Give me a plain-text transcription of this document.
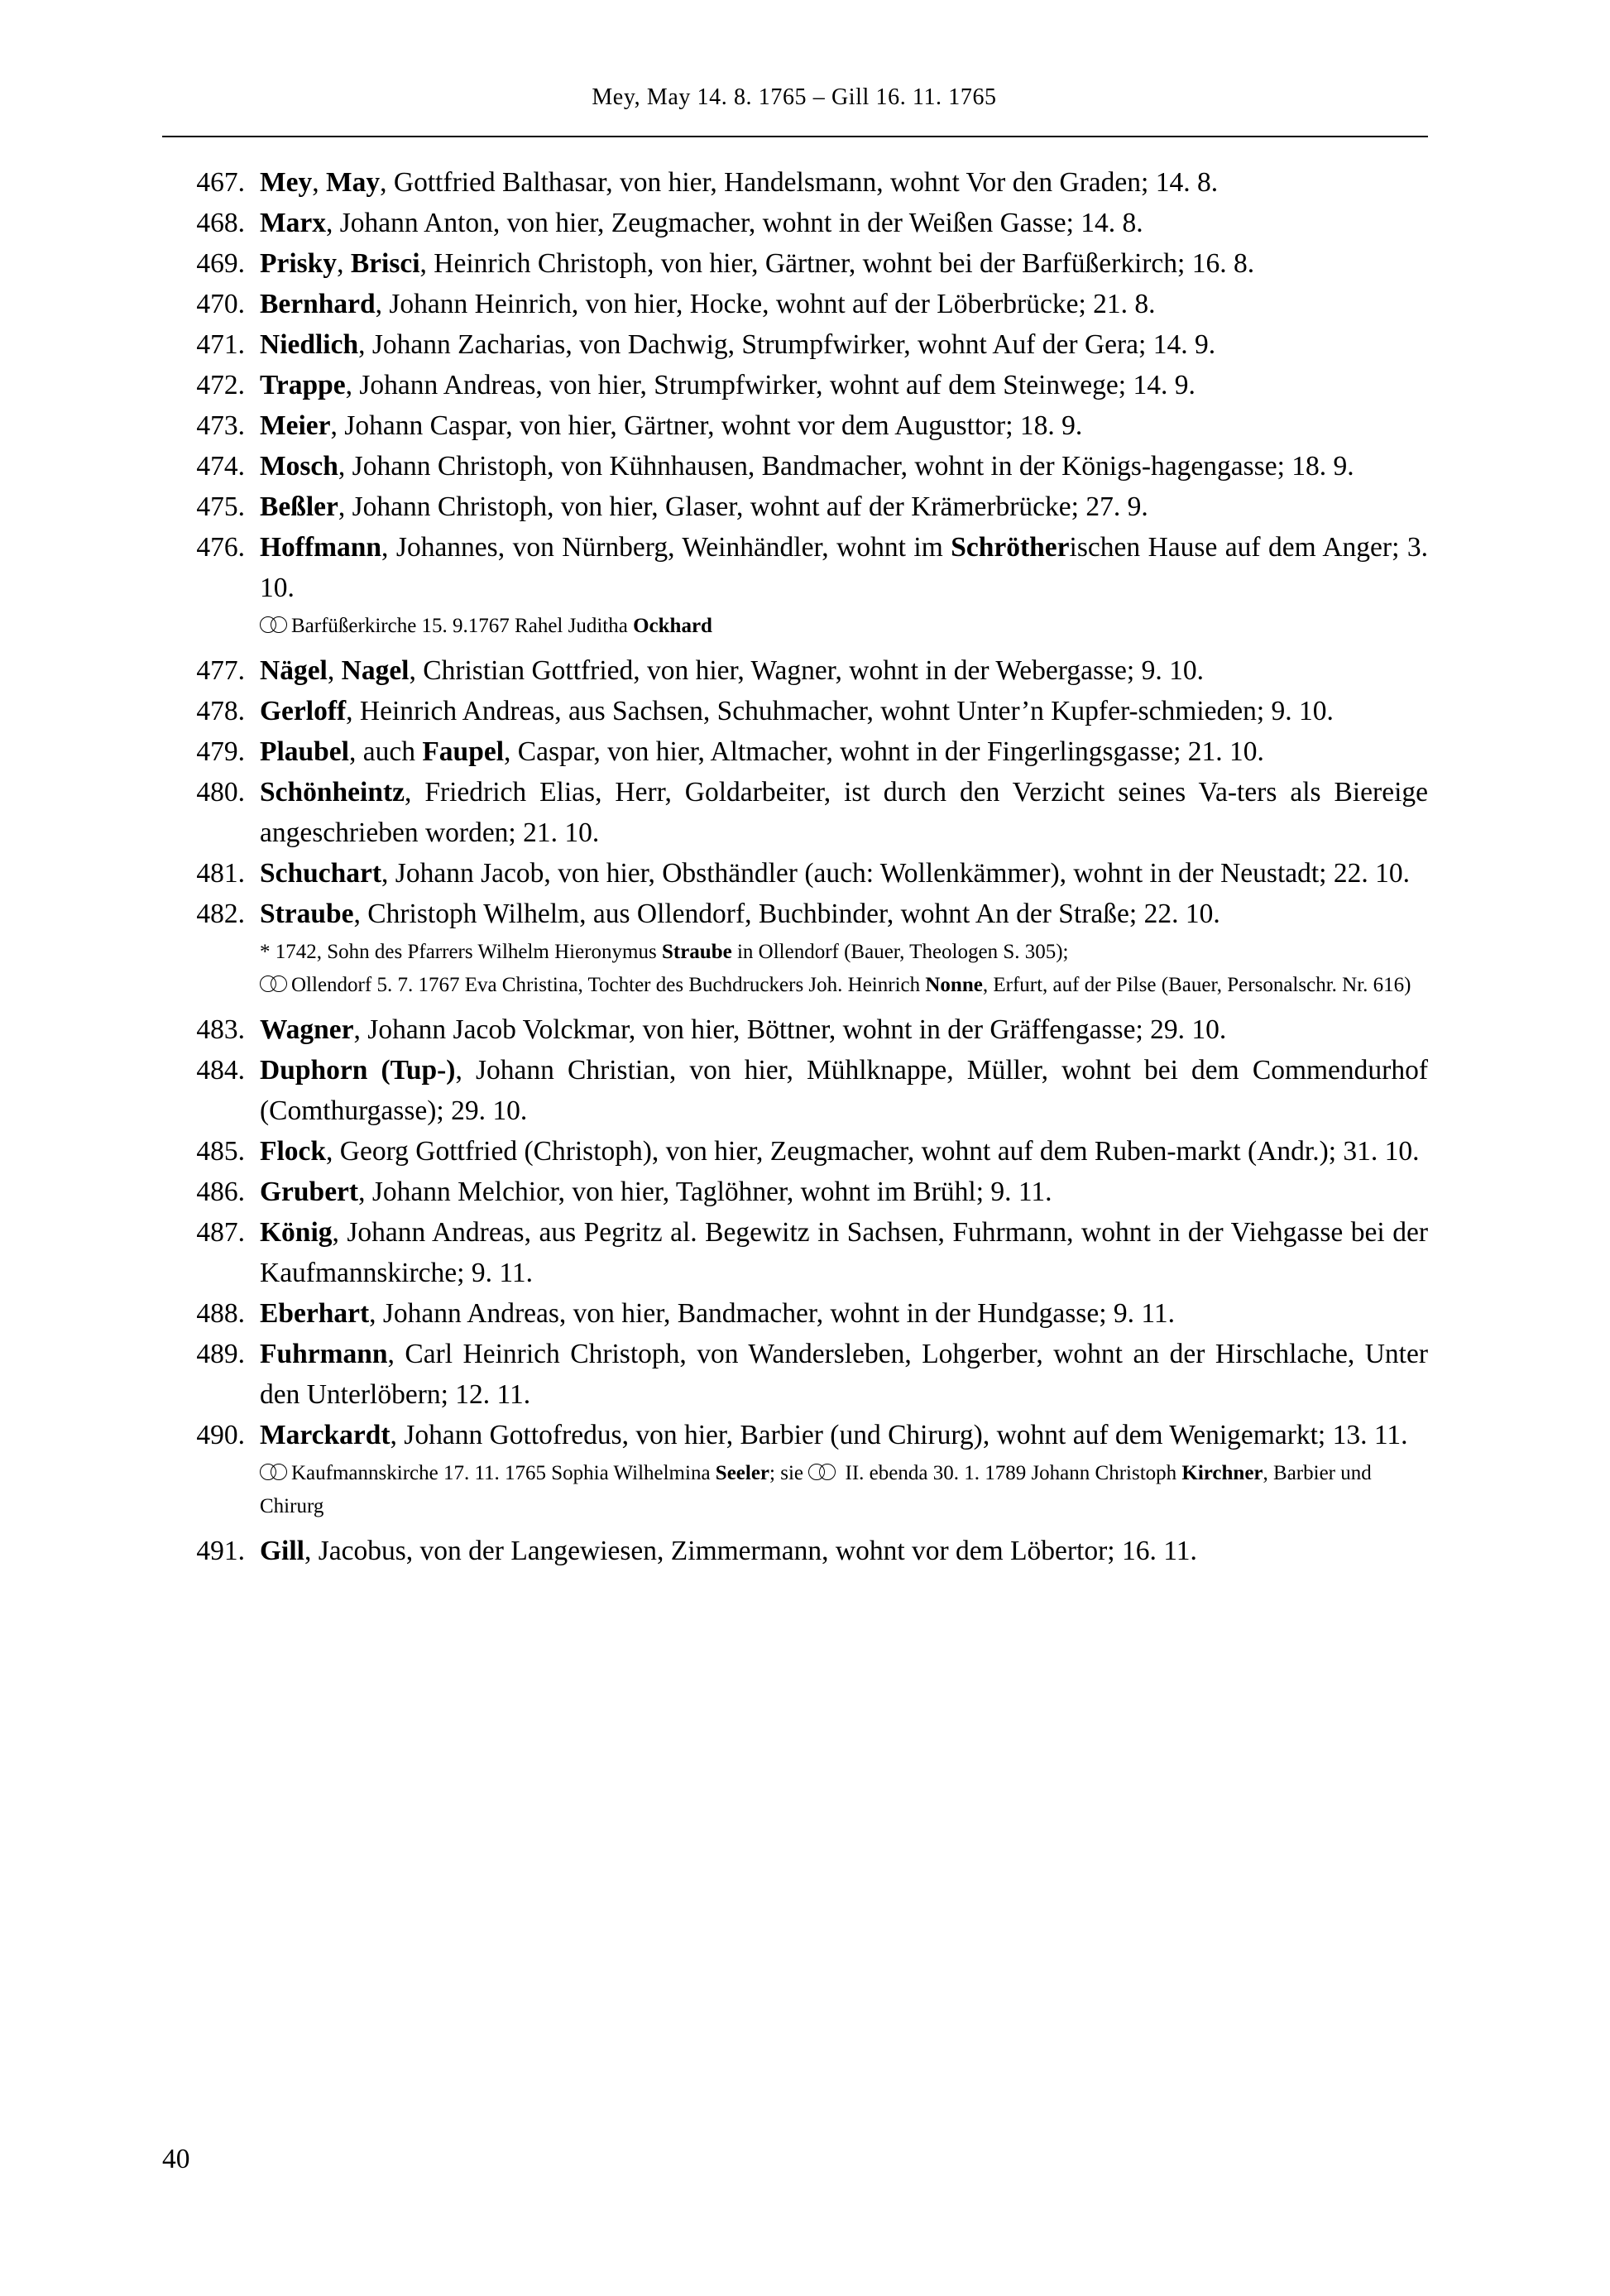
Mey, May 14. 8. 1765 – Gill 16. 11. 1765
467. Mey, May, Gottfried Balthasar, von hier, Handelsmann, wohnt Vor den Graden; 14. 8.
468. Marx, Johann Anton, von hier, Zeugmacher, wohnt in der Weißen Gasse; 14. 8.
469. Prisky, Brisci, Heinrich Christoph, von hier, Gärtner, wohnt bei der Barfüßerkirch; 16. 8.
470. Bernhard, Johann Heinrich, von hier, Hocke, wohnt auf der Löberbrücke; 21. 8.
471. Niedlich, Johann Zacharias, von Dachwig, Strumpfwirker, wohnt Auf der Gera; 14. 9.
472. Trappe, Johann Andreas, von hier, Strumpfwirker, wohnt auf dem Steinwege; 14. 9.
473. Meier, Johann Caspar, von hier, Gärtner, wohnt vor dem Augusttor; 18. 9.
474. Mosch, Johann Christoph, von Kühnhausen, Bandmacher, wohnt in der Königs-hagengasse; 18. 9.
475. Beßler, Johann Christoph, von hier, Glaser, wohnt auf der Krämerbrücke; 27. 9.
476. Hoffmann, Johannes, von Nürnberg, Weinhändler, wohnt im Schrötherischen Hause auf dem Anger; 3. 10.
Barfüßerkirche 15. 9.1767 Rahel Juditha Ockhard
477. Nägel, Nagel, Christian Gottfried, von hier, Wagner, wohnt in der Webergasse; 9. 10.
478. Gerloff, Heinrich Andreas, aus Sachsen, Schuhmacher, wohnt Unter’n Kupfer-schmieden; 9. 10.
479. Plaubel, auch Faupel, Caspar, von hier, Altmacher, wohnt in der Fingerlingsgasse; 21. 10.
480. Schönheintz, Friedrich Elias, Herr, Goldarbeiter, ist durch den Verzicht seines Va-ters als Biereige angeschrieben worden; 21. 10.
481. Schuchart, Johann Jacob, von hier, Obsthändler (auch: Wollenkämmer), wohnt in der Neustadt; 22. 10.
482. Straube, Christoph Wilhelm, aus Ollendorf, Buchbinder, wohnt An der Straße; 22. 10.
* 1742, Sohn des Pfarrers Wilhelm Hieronymus Straube in Ollendorf (Bauer, Theologen S. 305);
Ollendorf 5. 7. 1767 Eva Christina, Tochter des Buchdruckers Joh. Heinrich Nonne, Erfurt, auf der Pilse (Bauer, Personalschr. Nr. 616)
483. Wagner, Johann Jacob Volckmar, von hier, Böttner, wohnt in der Gräffengasse; 29. 10.
484. Duphorn (Tup-), Johann Christian, von hier, Mühlknappe, Müller, wohnt bei dem Commendurhof (Comthurgasse); 29. 10.
485. Flock, Georg Gottfried (Christoph), von hier, Zeugmacher, wohnt auf dem Ruben-markt (Andr.); 31. 10.
486. Grubert, Johann Melchior, von hier, Taglöhner, wohnt im Brühl; 9. 11.
487. König, Johann Andreas, aus Pegritz al. Begewitz in Sachsen, Fuhrmann, wohnt in der Viehgasse bei der Kaufmannskirche; 9. 11.
488. Eberhart, Johann Andreas, von hier, Bandmacher, wohnt in der Hundgasse; 9. 11.
489. Fuhrmann, Carl Heinrich Christoph, von Wandersleben, Lohgerber, wohnt an der Hirschlache, Unter den Unterlöbern; 12. 11.
490. Marckardt, Johann Gottofredus, von hier, Barbier (und Chirurg), wohnt auf dem Wenigemarkt; 13. 11.
Kaufmannskirche 17. 11. 1765 Sophia Wilhelmina Seeler; sie
II. ebenda 30. 1. 1789 Johann Christoph Kirchner, Barbier und Chirurg
491. Gill, Jacobus, von der Langewiesen, Zimmermann, wohnt vor dem Löbertor; 16. 11.
40
